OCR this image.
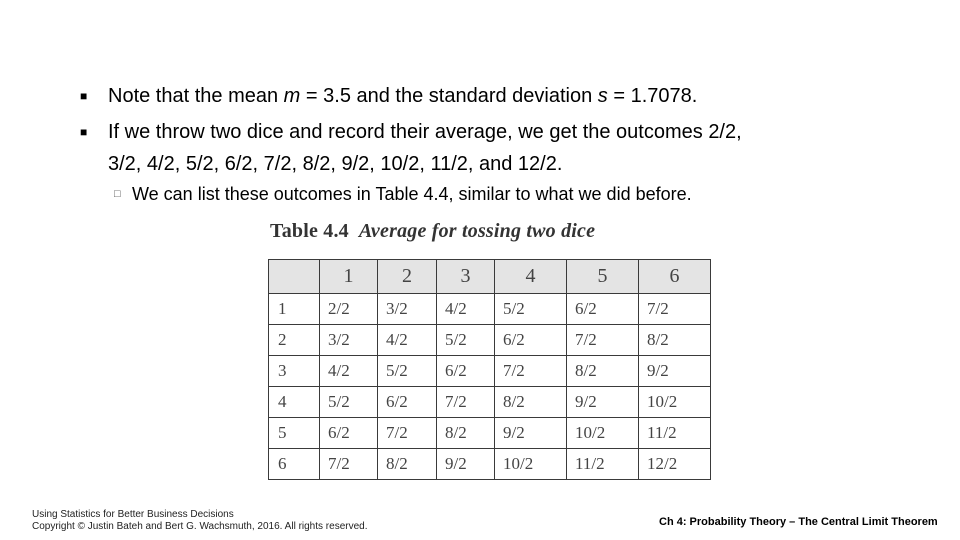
■ Note that the mean m = 3.5 and the standard deviation s = 1.7078.
■ If we throw two dice and record their average, we get the outcomes 2/2,
3/2, 4/2, 5/2, 6/2, 7/2, 8/2, 9/2, 10/2, 11/2, and 12/2.
□ We can list these outcomes in Table 4.4, similar to what we did before.
Table 4.4 Average for tossing two dice
	1	2	3	4	5	6
1	2/2	3/2	4/2	5/2	6/2	7/2
2	3/2	4/2	5/2	6/2	7/2	8/2
3	4/2	5/2	6/2	7/2	8/2	9/2
4	5/2	6/2	7/2	8/2	9/2	10/2
5	6/2	7/2	8/2	9/2	10/2	11/2
6	7/2	8/2	9/2	10/2	11/2	12/2
Using Statistics for Better Business Decisions
Copyright © Justin Bateh and Bert G. Wachsmuth, 2016. All rights reserved.	Ch 4: Probability Theory – The Central Limit Theorem
